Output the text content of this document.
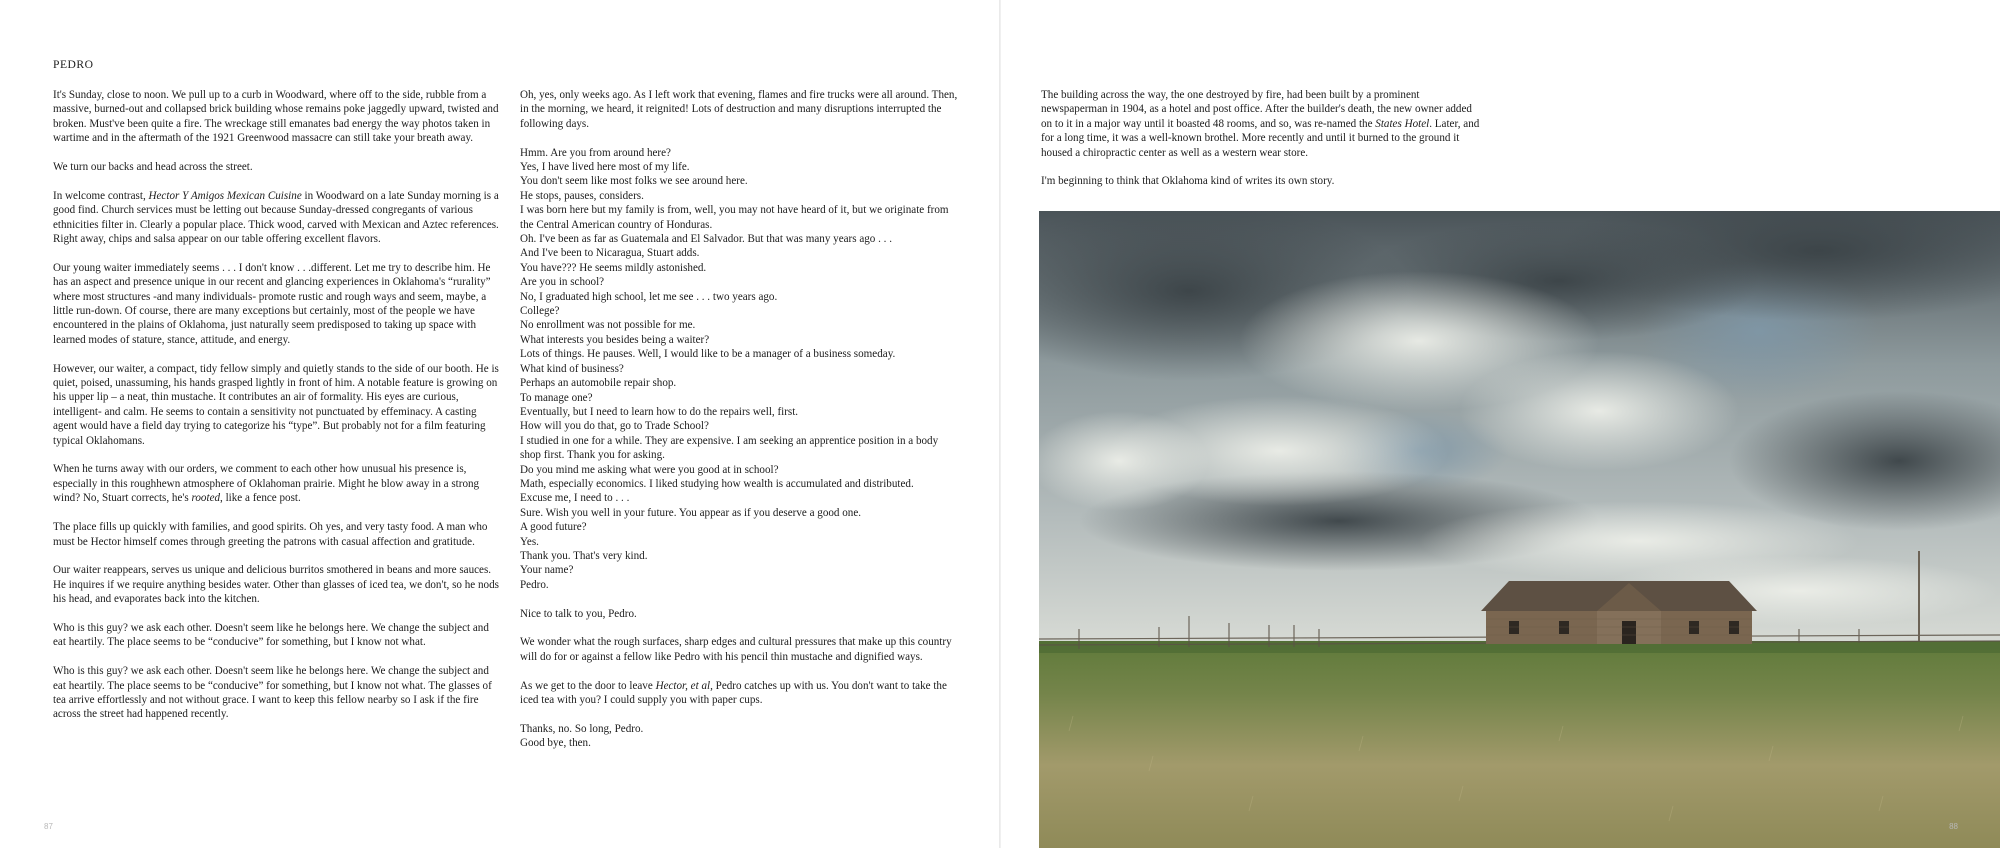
PEDRO

It's Sunday, close to noon. We pull up to a curb in Woodward, where off to the side, rubble from a massive, burned-out and collapsed brick building whose remains poke jaggedly upward, twisted and broken. Must've been quite a fire. The wreckage still emanates bad energy the way photos taken in wartime and in the aftermath of the 1921 Greenwood massacre can still take your breath away.

We turn our backs and head across the street.

In welcome contrast, Hector Y Amigos Mexican Cuisine in Woodward on a late Sunday morning is a good find. Church services must be letting out because Sunday-dressed congregants of various ethnicities filter in. Clearly a popular place. Thick wood, carved with Mexican and Aztec references. Right away, chips and salsa appear on our table offering excellent flavors.

Our young waiter immediately seems . . . I don't know . . .different. Let me try to describe him. He has an aspect and presence unique in our recent and glancing experiences in Oklahoma's “rurality” where most structures -and many individuals- promote rustic and rough ways and seem, maybe, a little run-down. Of course, there are many exceptions but certainly, most of the people we have encountered in the plains of Oklahoma, just naturally seem predisposed to taking up space with learned modes of stature, stance, attitude, and energy.

However, our waiter, a compact, tidy fellow simply and quietly stands to the side of our booth. He is quiet, poised, unassuming, his hands grasped lightly in front of him. A notable feature is growing on his upper lip – a neat, thin mustache. It contributes an air of formality. His eyes are curious, intelligent- and calm. He seems to contain a sensitivity not punctuated by effeminacy. A casting agent would have a field day trying to categorize his “type”. But probably not for a film featuring typical Oklahomans.

When he turns away with our orders, we comment to each other how unusual his presence is, especially in this roughhewn atmosphere of Oklahoman prairie. Might he blow away in a strong wind? No, Stuart corrects, he's rooted, like a fence post.

The place fills up quickly with families, and good spirits. Oh yes, and very tasty food. A man who must be Hector himself comes through greeting the patrons with casual affection and gratitude.

Our waiter reappears, serves us unique and delicious burritos smothered in beans and more sauces. He inquires if we require anything besides water. Other than glasses of iced tea, we don't, so he nods his head, and evaporates back into the kitchen.

Who is this guy? we ask each other. Doesn't seem like he belongs here. We change the subject and eat heartily. The place seems to be “conducive” for something, but I know not what.

Who is this guy? we ask each other. Doesn't seem like he belongs here. We change the subject and eat heartily. The place seems to be “conducive” for something, but I know not what. The glasses of tea arrive effortlessly and not without grace. I want to keep this fellow nearby so I ask if the fire across the street had happened recently.

Oh, yes, only weeks ago. As I left work that evening, flames and fire trucks were all around. Then, in the morning, we heard, it reignited! Lots of destruction and many disruptions interrupted the following days.

Hmm. Are you from around here?
Yes, I have lived here most of my life.
You don't seem like most folks we see around here.
He stops, pauses, considers.
I was born here but my family is from, well, you may not have heard of it, but we originate from the Central American country of Honduras.
Oh. I've been as far as Guatemala and El Salvador. But that was many years ago . . .
And I've been to Nicaragua, Stuart adds.
You have??? He seems mildly astonished.
Are you in school?
No, I graduated high school, let me see . . . two years ago.
College?
No enrollment was not possible for me.
What interests you besides being a waiter?
Lots of things. He pauses. Well, I would like to be a manager of a business someday.
What kind of business?
Perhaps an automobile repair shop.
To manage one?
Eventually, but I need to learn how to do the repairs well, first.
How will you do that, go to Trade School?
I studied in one for a while. They are expensive. I am seeking an apprentice position in a body shop first. Thank you for asking.
Do you mind me asking what were you good at in school?
Math, especially economics. I liked studying how wealth is accumulated and distributed.
Excuse me, I need to . . .
Sure. Wish you well in your future. You appear as if you deserve a good one.
A good future?
Yes.
Thank you. That's very kind.
Your name?
Pedro.

Nice to talk to you, Pedro.

We wonder what the rough surfaces, sharp edges and cultural pressures that make up this country will do for or against a fellow like Pedro with his pencil thin mustache and dignified ways.

As we get to the door to leave Hector, et al, Pedro catches up with us. You don't want to take the iced tea with you? I could supply you with paper cups.

Thanks, no. So long, Pedro.
Good bye, then.

87

The building across the way, the one destroyed by fire, had been built by a prominent newspaperman in 1904, as a hotel and post office. After the builder's death, the new owner added on to it in a major way until it boasted 48 rooms, and so, was re-named the States Hotel. Later, and for a long time, it was a well-known brothel. More recently and until it burned to the ground it housed a chiropractic center as well as a western wear store.

I'm beginning to think that Oklahoma kind of writes its own story.

88
